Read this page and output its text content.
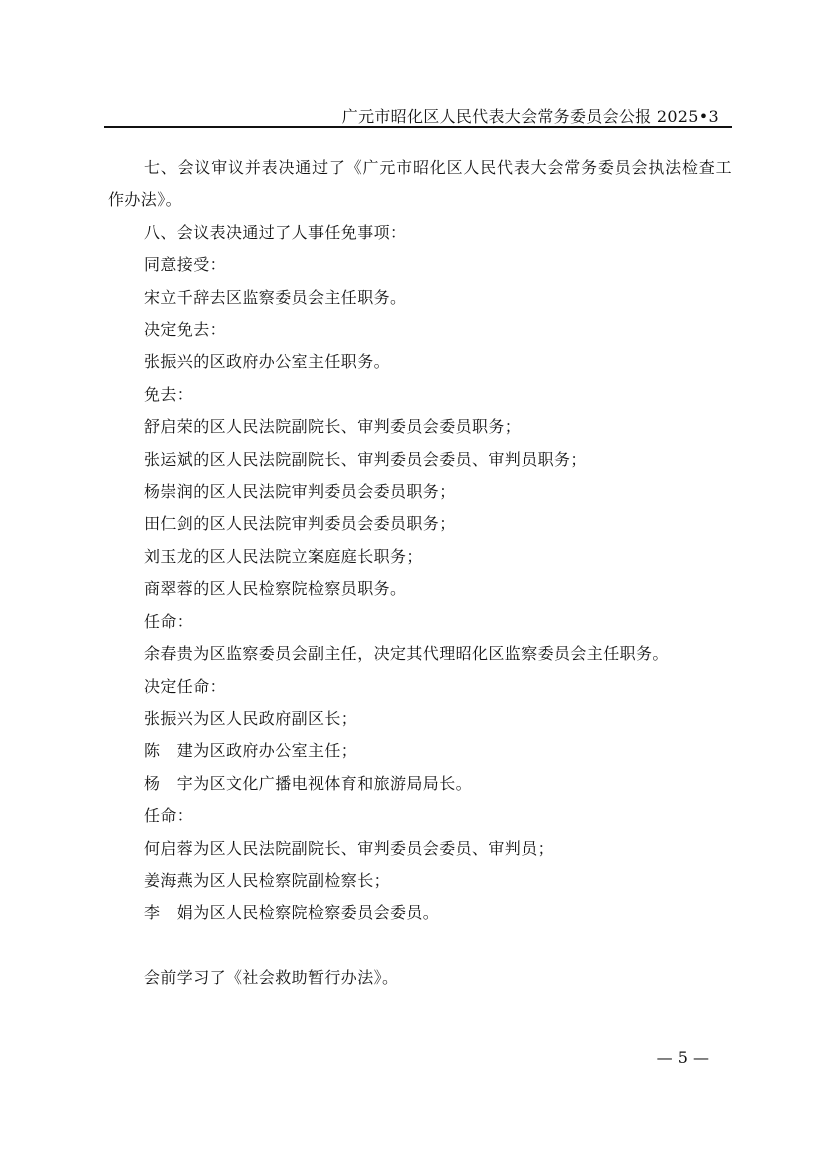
广元市昭化区人民代表大会常务委员会公报 2025•3

七、会议审议并表决通过了《广元市昭化区人民代表大会常务委员会执法检查工作办法》。

八、会议表决通过了人事任免事项：

同意接受：

宋立千辞去区监察委员会主任职务。

决定免去：

张振兴的区政府办公室主任职务。

免去：

舒启荣的区人民法院副院长、审判委员会委员职务；

张运斌的区人民法院副院长、审判委员会委员、审判员职务；

杨崇润的区人民法院审判委员会委员职务；

田仁剑的区人民法院审判委员会委员职务；

刘玉龙的区人民法院立案庭庭长职务；

商翠蓉的区人民检察院检察员职务。

任命：

余春贵为区监察委员会副主任，决定其代理昭化区监察委员会主任职务。

决定任命：

张振兴为区人民政府副区长；

陈　建为区政府办公室主任；

杨　宇为区文化广播电视体育和旅游局局长。

任命：

何启蓉为区人民法院副院长、审判委员会委员、审判员；

姜海燕为区人民检察院副检察长；

李　娟为区人民检察院检察委员会委员。

会前学习了《社会救助暂行办法》。

— 5 —
